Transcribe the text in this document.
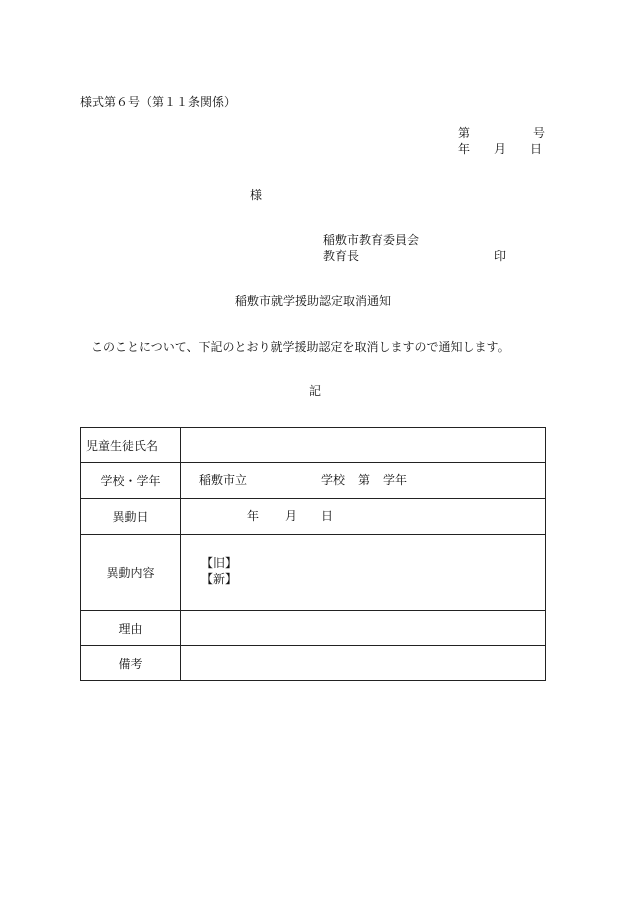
様式第６号（第１１条関係）
第	号
年 月 日
様
稲敷市教育委員会
教育長	印
稲敷市就学援助認定取消通知
このことについて、下記のとおり就学援助認定を取消しますので通知します。
記
児童生徒氏名	
学校・学年	稲敷市立 学校 第 学年

異動日	年 月 日

異動内容	【旧】
【新】

理由	
備考	
